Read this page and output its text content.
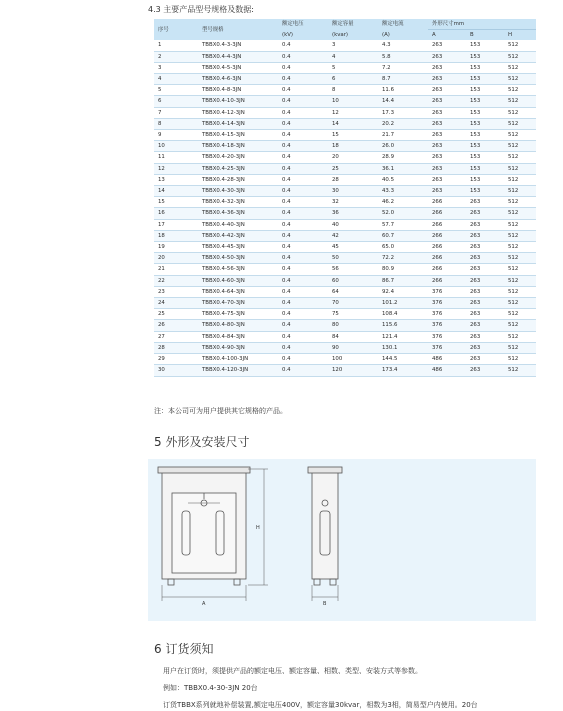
4.3 主要产品型号规格及数据:
序号	型号规格	额定电压	额定容量	额定电流	外形尺寸mm		
		(kV)	(kvar)	(A)	A	B	H
1	TBBX0.4-3-3JN	0.4	3	4.3	263	153	512
2	TBBX0.4-4-3JN	0.4	4	5.8	263	153	512
3	TBBX0.4-5-3JN	0.4	5	7.2	263	153	512
4	TBBX0.4-6-3JN	0.4	6	8.7	263	153	512
5	TBBX0.4-8-3JN	0.4	8	11.6	263	153	512
6	TBBX0.4-10-3JN	0.4	10	14.4	263	153	512
7	TBBX0.4-12-3JN	0.4	12	17.3	263	153	512
8	TBBX0.4-14-3JN	0.4	14	20.2	263	153	512
9	TBBX0.4-15-3JN	0.4	15	21.7	263	153	512
10	TBBX0.4-18-3JN	0.4	18	26.0	263	153	512
11	TBBX0.4-20-3JN	0.4	20	28.9	263	153	512
12	TBBX0.4-25-3JN	0.4	25	36.1	263	153	512
13	TBBX0.4-28-3JN	0.4	28	40.5	263	153	512
14	TBBX0.4-30-3JN	0.4	30	43.3	263	153	512
15	TBBX0.4-32-3JN	0.4	32	46.2	266	263	512
16	TBBX0.4-36-3JN	0.4	36	52.0	266	263	512
17	TBBX0.4-40-3JN	0.4	40	57.7	266	263	512
18	TBBX0.4-42-3JN	0.4	42	60.7	266	263	512
19	TBBX0.4-45-3JN	0.4	45	65.0	266	263	512
20	TBBX0.4-50-3JN	0.4	50	72.2	266	263	512
21	TBBX0.4-56-3JN	0.4	56	80.9	266	263	512
22	TBBX0.4-60-3JN	0.4	60	86.7	266	263	512
23	TBBX0.4-64-3JN	0.4	64	92.4	376	263	512
24	TBBX0.4-70-3JN	0.4	70	101.2	376	263	512
25	TBBX0.4-75-3JN	0.4	75	108.4	376	263	512
26	TBBX0.4-80-3JN	0.4	80	115.6	376	263	512
27	TBBX0.4-84-3JN	0.4	84	121.4	376	263	512
28	TBBX0.4-90-3JN	0.4	90	130.1	376	263	512
29	TBBX0.4-100-3JN	0.4	100	144.5	486	263	512
30	TBBX0.4-120-3JN	0.4	120	173.4	486	263	512
注：本公司可为用户提供其它规格的产品。
5 外形及安装尺寸
A
H
B
6 订货须知
用户在订货时，须提供产品的额定电压、额定容量、相数、类型、安装方式等参数。
例如：TBBX0.4-30-3JN 20台
订货TBBX系列就地补偿装置,额定电压400V，额定容量30kvar，相数为3相，简易型户内使用。20台
